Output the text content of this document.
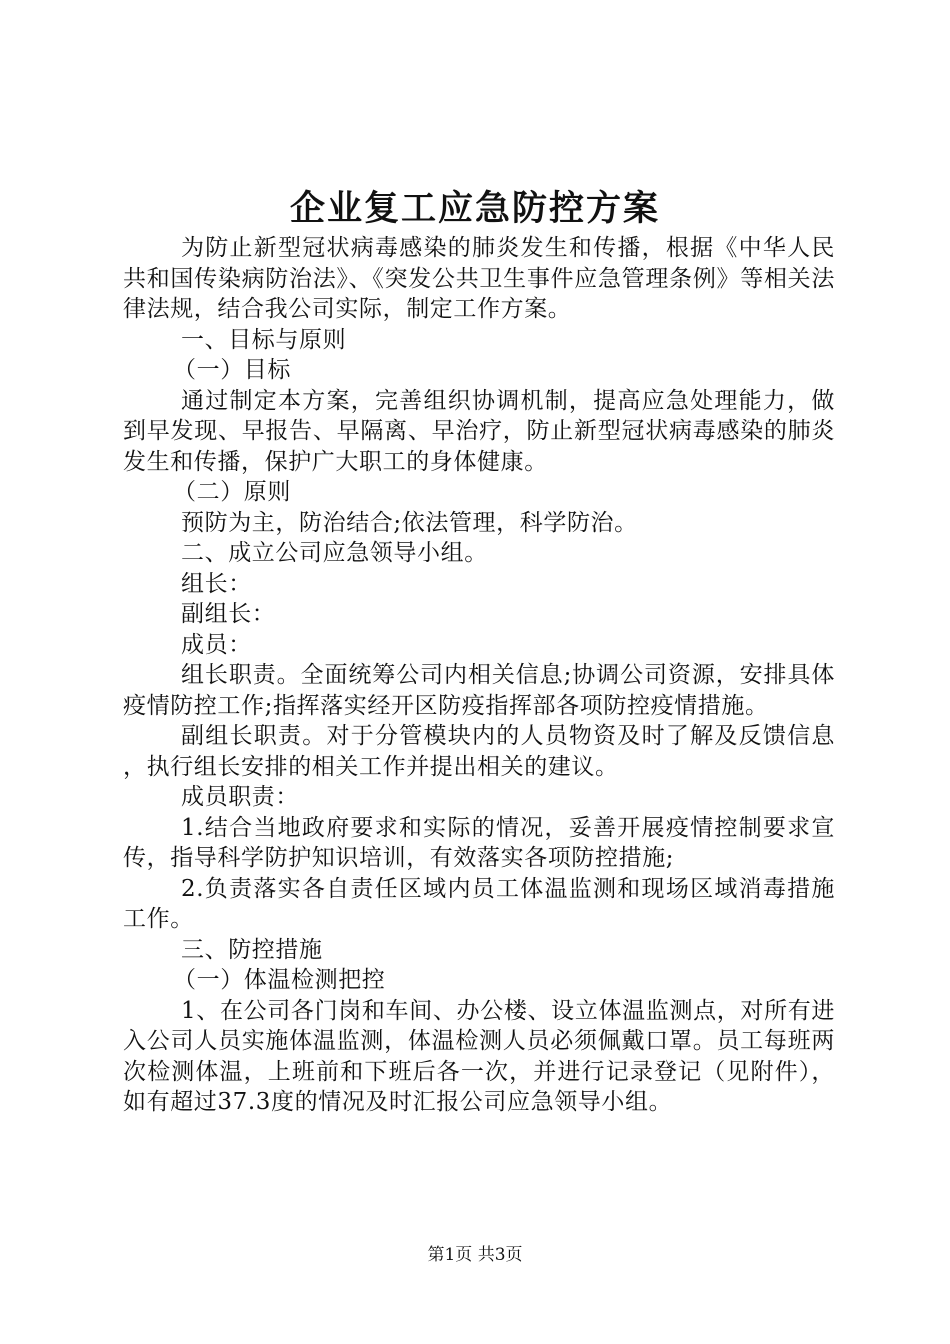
企业复工应急防控方案

为防止新型冠状病毒感染的肺炎发生和传播，根据《中华人民共和国传染病防治法》、《突发公共卫生事件应急管理条例》等相关法律法规，结合我公司实际，制定工作方案。

一、目标与原则

（一）目标

通过制定本方案，完善组织协调机制，提高应急处理能力，做到早发现、早报告、早隔离、早治疗，防止新型冠状病毒感染的肺炎发生和传播，保护广大职工的身体健康。

（二）原则

预防为主，防治结合;依法管理，科学防治。

二、成立公司应急领导小组。

组长：

副组长：

成员：

组长职责。全面统筹公司内相关信息;协调公司资源，安排具体疫情防控工作;指挥落实经开区防疫指挥部各项防控疫情措施。

副组长职责。对于分管模块内的人员物资及时了解及反馈信息，执行组长安排的相关工作并提出相关的建议。

成员职责：

1.结合当地政府要求和实际的情况，妥善开展疫情控制要求宣传，指导科学防护知识培训，有效落实各项防控措施;

2.负责落实各自责任区域内员工体温监测和现场区域消毒措施工作。

三、防控措施

（一）体温检测把控

1、在公司各门岗和车间、办公楼、设立体温监测点，对所有进入公司人员实施体温监测，体温检测人员必须佩戴口罩。员工每班两次检测体温，上班前和下班后各一次，并进行记录登记（见附件），如有超过37.3度的情况及时汇报公司应急领导小组。

第1页 共3页
